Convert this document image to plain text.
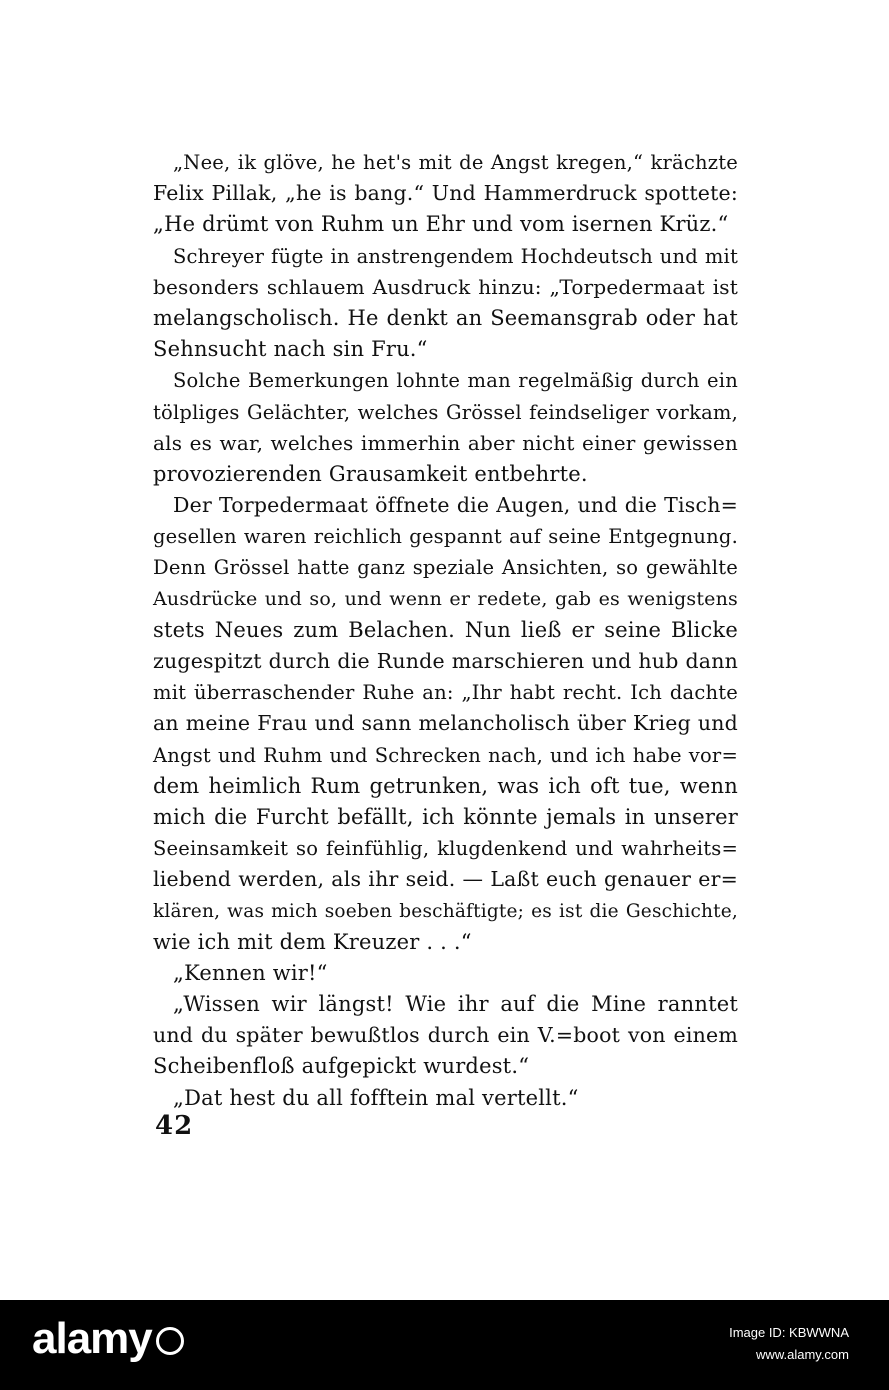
„Nee, ik glöve, he het's mit de Angst kregen,“ krächzte
Felix Pillak, „he is bang.“ Und Hammerdruck spottete:
„He drümt von Ruhm un Ehr und vom isernen Krüz.“
Schreyer fügte in anstrengendem Hochdeutsch und mit
besonders schlauem Ausdruck hinzu: „Torpedermaat ist
melangscholisch. He denkt an Seemansgrab oder hat
Sehnsucht nach sin Fru.“
Solche Bemerkungen lohnte man regelmäßig durch ein
tölpliges Gelächter, welches Grössel feindseliger vorkam,
als es war, welches immerhin aber nicht einer gewissen
provozierenden Grausamkeit entbehrte.
Der Torpedermaat öffnete die Augen, und die Tisch=
gesellen waren reichlich gespannt auf seine Entgegnung.
Denn Grössel hatte ganz speziale Ansichten, so gewählte
Ausdrücke und so, und wenn er redete, gab es wenigstens
stets Neues zum Belachen. Nun ließ er seine Blicke
zugespitzt durch die Runde marschieren und hub dann
mit überraschender Ruhe an: „Ihr habt recht. Ich dachte
an meine Frau und sann melancholisch über Krieg und
Angst und Ruhm und Schrecken nach, und ich habe vor=
dem heimlich Rum getrunken, was ich oft tue, wenn
mich die Furcht befällt, ich könnte jemals in unserer
Seeinsamkeit so feinfühlig, klugdenkend und wahrheits=
liebend werden, als ihr seid. — Laßt euch genauer er=
klären, was mich soeben beschäftigte; es ist die Geschichte,
wie ich mit dem Kreuzer . . .“
„Kennen wir!“
„Wissen wir längst! Wie ihr auf die Mine ranntet
und du später bewußtlos durch ein V.=boot von einem
Scheibenfloß aufgepickt wurdest.“
„Dat hest du all fofftein mal vertellt.“
42
alamy	Image ID: KBWWNA
www.alamy.com
